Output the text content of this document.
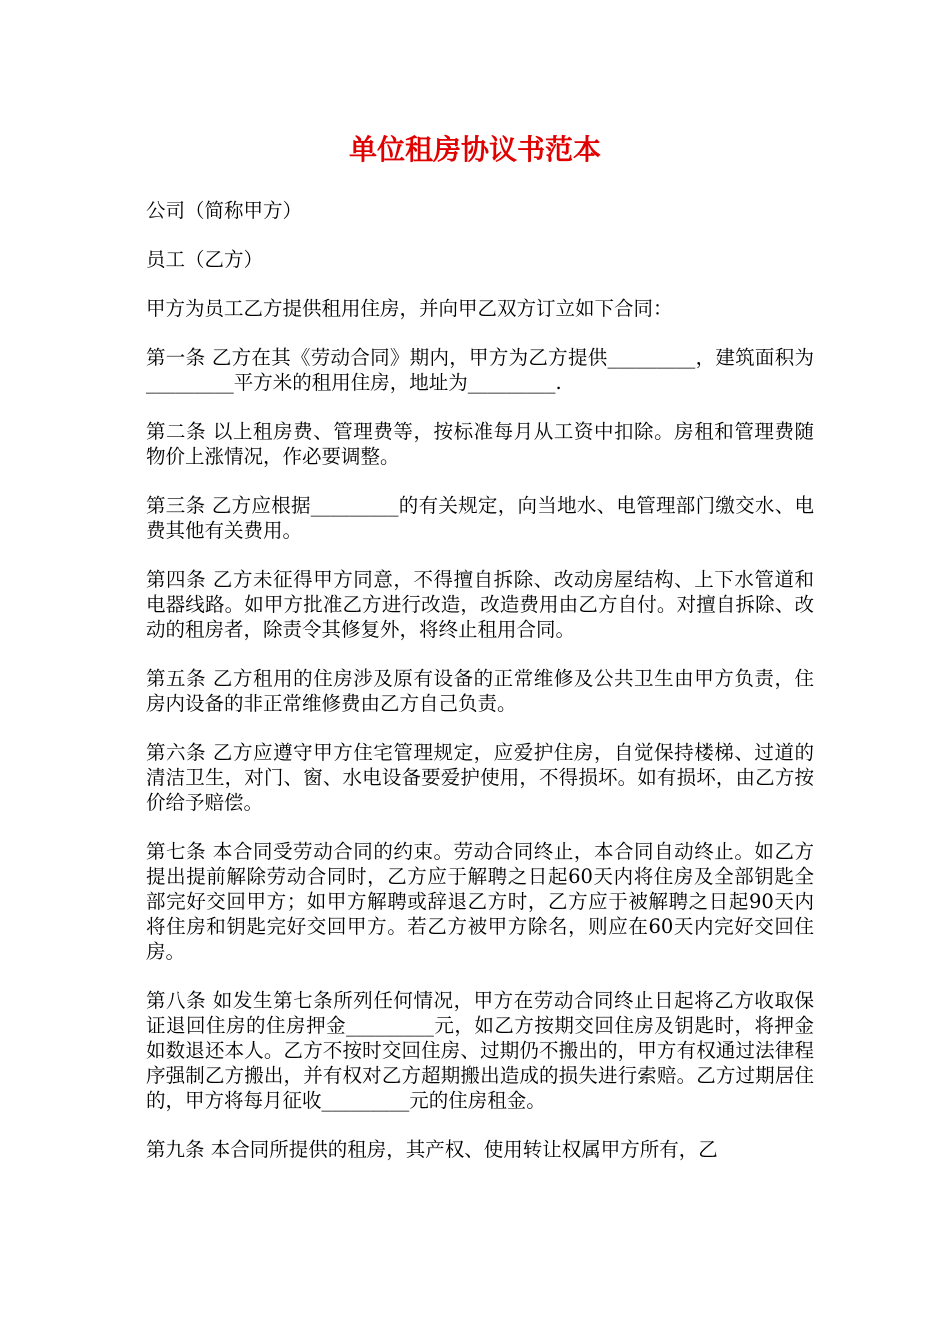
单位租房协议书范本

公司（简称甲方）

员工（乙方）

甲方为员工乙方提供租用住房，并向甲乙双方订立如下合同：

第一条 乙方在其《劳动合同》期内，甲方为乙方提供_________，建筑面积为_________平方米的租用住房，地址为_________.

第二条 以上租房费、管理费等，按标准每月从工资中扣除。房租和管理费随物价上涨情况，作必要调整。

第三条 乙方应根据_________的有关规定，向当地水、电管理部门缴交水、电费其他有关费用。

第四条 乙方未征得甲方同意，不得擅自拆除、改动房屋结构、上下水管道和电器线路。如甲方批准乙方进行改造，改造费用由乙方自付。对擅自拆除、改动的租房者，除责令其修复外，将终止租用合同。

第五条 乙方租用的住房涉及原有设备的正常维修及公共卫生由甲方负责，住房内设备的非正常维修费由乙方自己负责。

第六条 乙方应遵守甲方住宅管理规定，应爱护住房，自觉保持楼梯、过道的清洁卫生，对门、窗、水电设备要爱护使用，不得损坏。如有损坏，由乙方按价给予赔偿。

第七条 本合同受劳动合同的约束。劳动合同终止，本合同自动终止。如乙方提出提前解除劳动合同时，乙方应于解聘之日起60天内将住房及全部钥匙全部完好交回甲方；如甲方解聘或辞退乙方时，乙方应于被解聘之日起90天内将住房和钥匙完好交回甲方。若乙方被甲方除名，则应在60天内完好交回住房。

第八条 如发生第七条所列任何情况，甲方在劳动合同终止日起将乙方收取保证退回住房的住房押金_________元，如乙方按期交回住房及钥匙时，将押金如数退还本人。乙方不按时交回住房、过期仍不搬出的，甲方有权通过法律程序强制乙方搬出，并有权对乙方超期搬出造成的损失进行索赔。乙方过期居住的，甲方将每月征收_________元的住房租金。

第九条 本合同所提供的租房，其产权、使用转让权属甲方所有，乙
